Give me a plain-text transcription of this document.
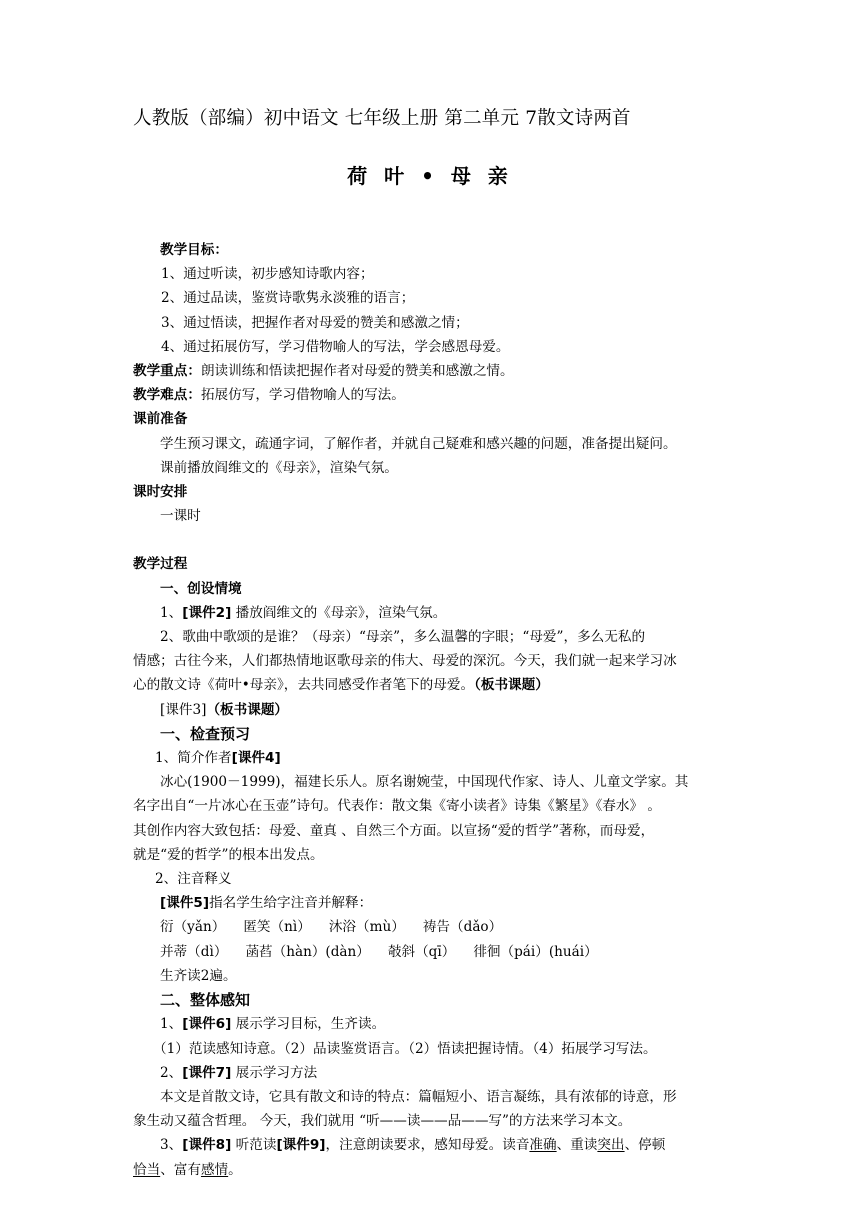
人教版（部编）初中语文 七年级上册 第二单元 7散文诗两首
荷 叶 • 母 亲

教学目标：

1、通过听读，初步感知诗歌内容；

2、通过品读，鉴赏诗歌隽永淡雅的语言；

3、通过悟读，把握作者对母爱的赞美和感激之情；

4、通过拓展仿写，学习借物喻人的写法，学会感恩母爱。

教学重点：朗读训练和悟读把握作者对母爱的赞美和感激之情。

教学难点：拓展仿写，学习借物喻人的写法。

课前准备

学生预习课文，疏通字词，了解作者，并就自己疑难和感兴趣的问题，准备提出疑问。

课前播放阎维文的《母亲》，渲染气氛。

课时安排

一课时

教学过程

一、创设情境

1、[课件2] 播放阎维文的《母亲》，渲染气氛。

2、歌曲中歌颂的是谁？（母亲）“母亲”，多么温馨的字眼；“母爱”，多么无私的

情感；古往今来，人们都热情地讴歌母亲的伟大、母爱的深沉。今天，我们就一起来学习冰

心的散文诗《荷叶•母亲》，去共同感受作者笔下的母爱。（板书课题）

[课件3]（板书课题）

一、检查预习

1、简介作者[课件4]

冰心(1900－1999)，福建长乐人。原名谢婉莹，中国现代作家、诗人、儿童文学家。其

名字出自“一片冰心在玉壶”诗句。代表作：散文集《寄小读者》诗集《繁星》《春水》 。

其创作内容大致包括：母爱、童真 、自然三个方面。以宣扬“爱的哲学”著称，而母爱，

就是“爱的哲学”的根本出发点。

2、注音释义

[课件5]指名学生给字注音并解释：

衍（yǎn） 匿笑（nì） 沐浴（mù） 祷告（dǎo）

并蒂（dì） 菡萏（hàn）(dàn） 攲斜（qī） 徘徊（pái）(huái）

生齐读2遍。

二、整体感知

1、[课件6] 展示学习目标，生齐读。

（1）范读感知诗意。（2）品读鉴赏语言。（2）悟读把握诗情。（4）拓展学习写法。

2、[课件7] 展示学习方法

本文是首散文诗，它具有散文和诗的特点：篇幅短小、语言凝练，具有浓郁的诗意，形

象生动又蕴含哲理。 今天，我们就用 “听——读——品——写”的方法来学习本文。

3、[课件8] 听范读[课件9]，注意朗读要求，感知母爱。读音准确、重读突出、停顿

恰当、富有感情。
